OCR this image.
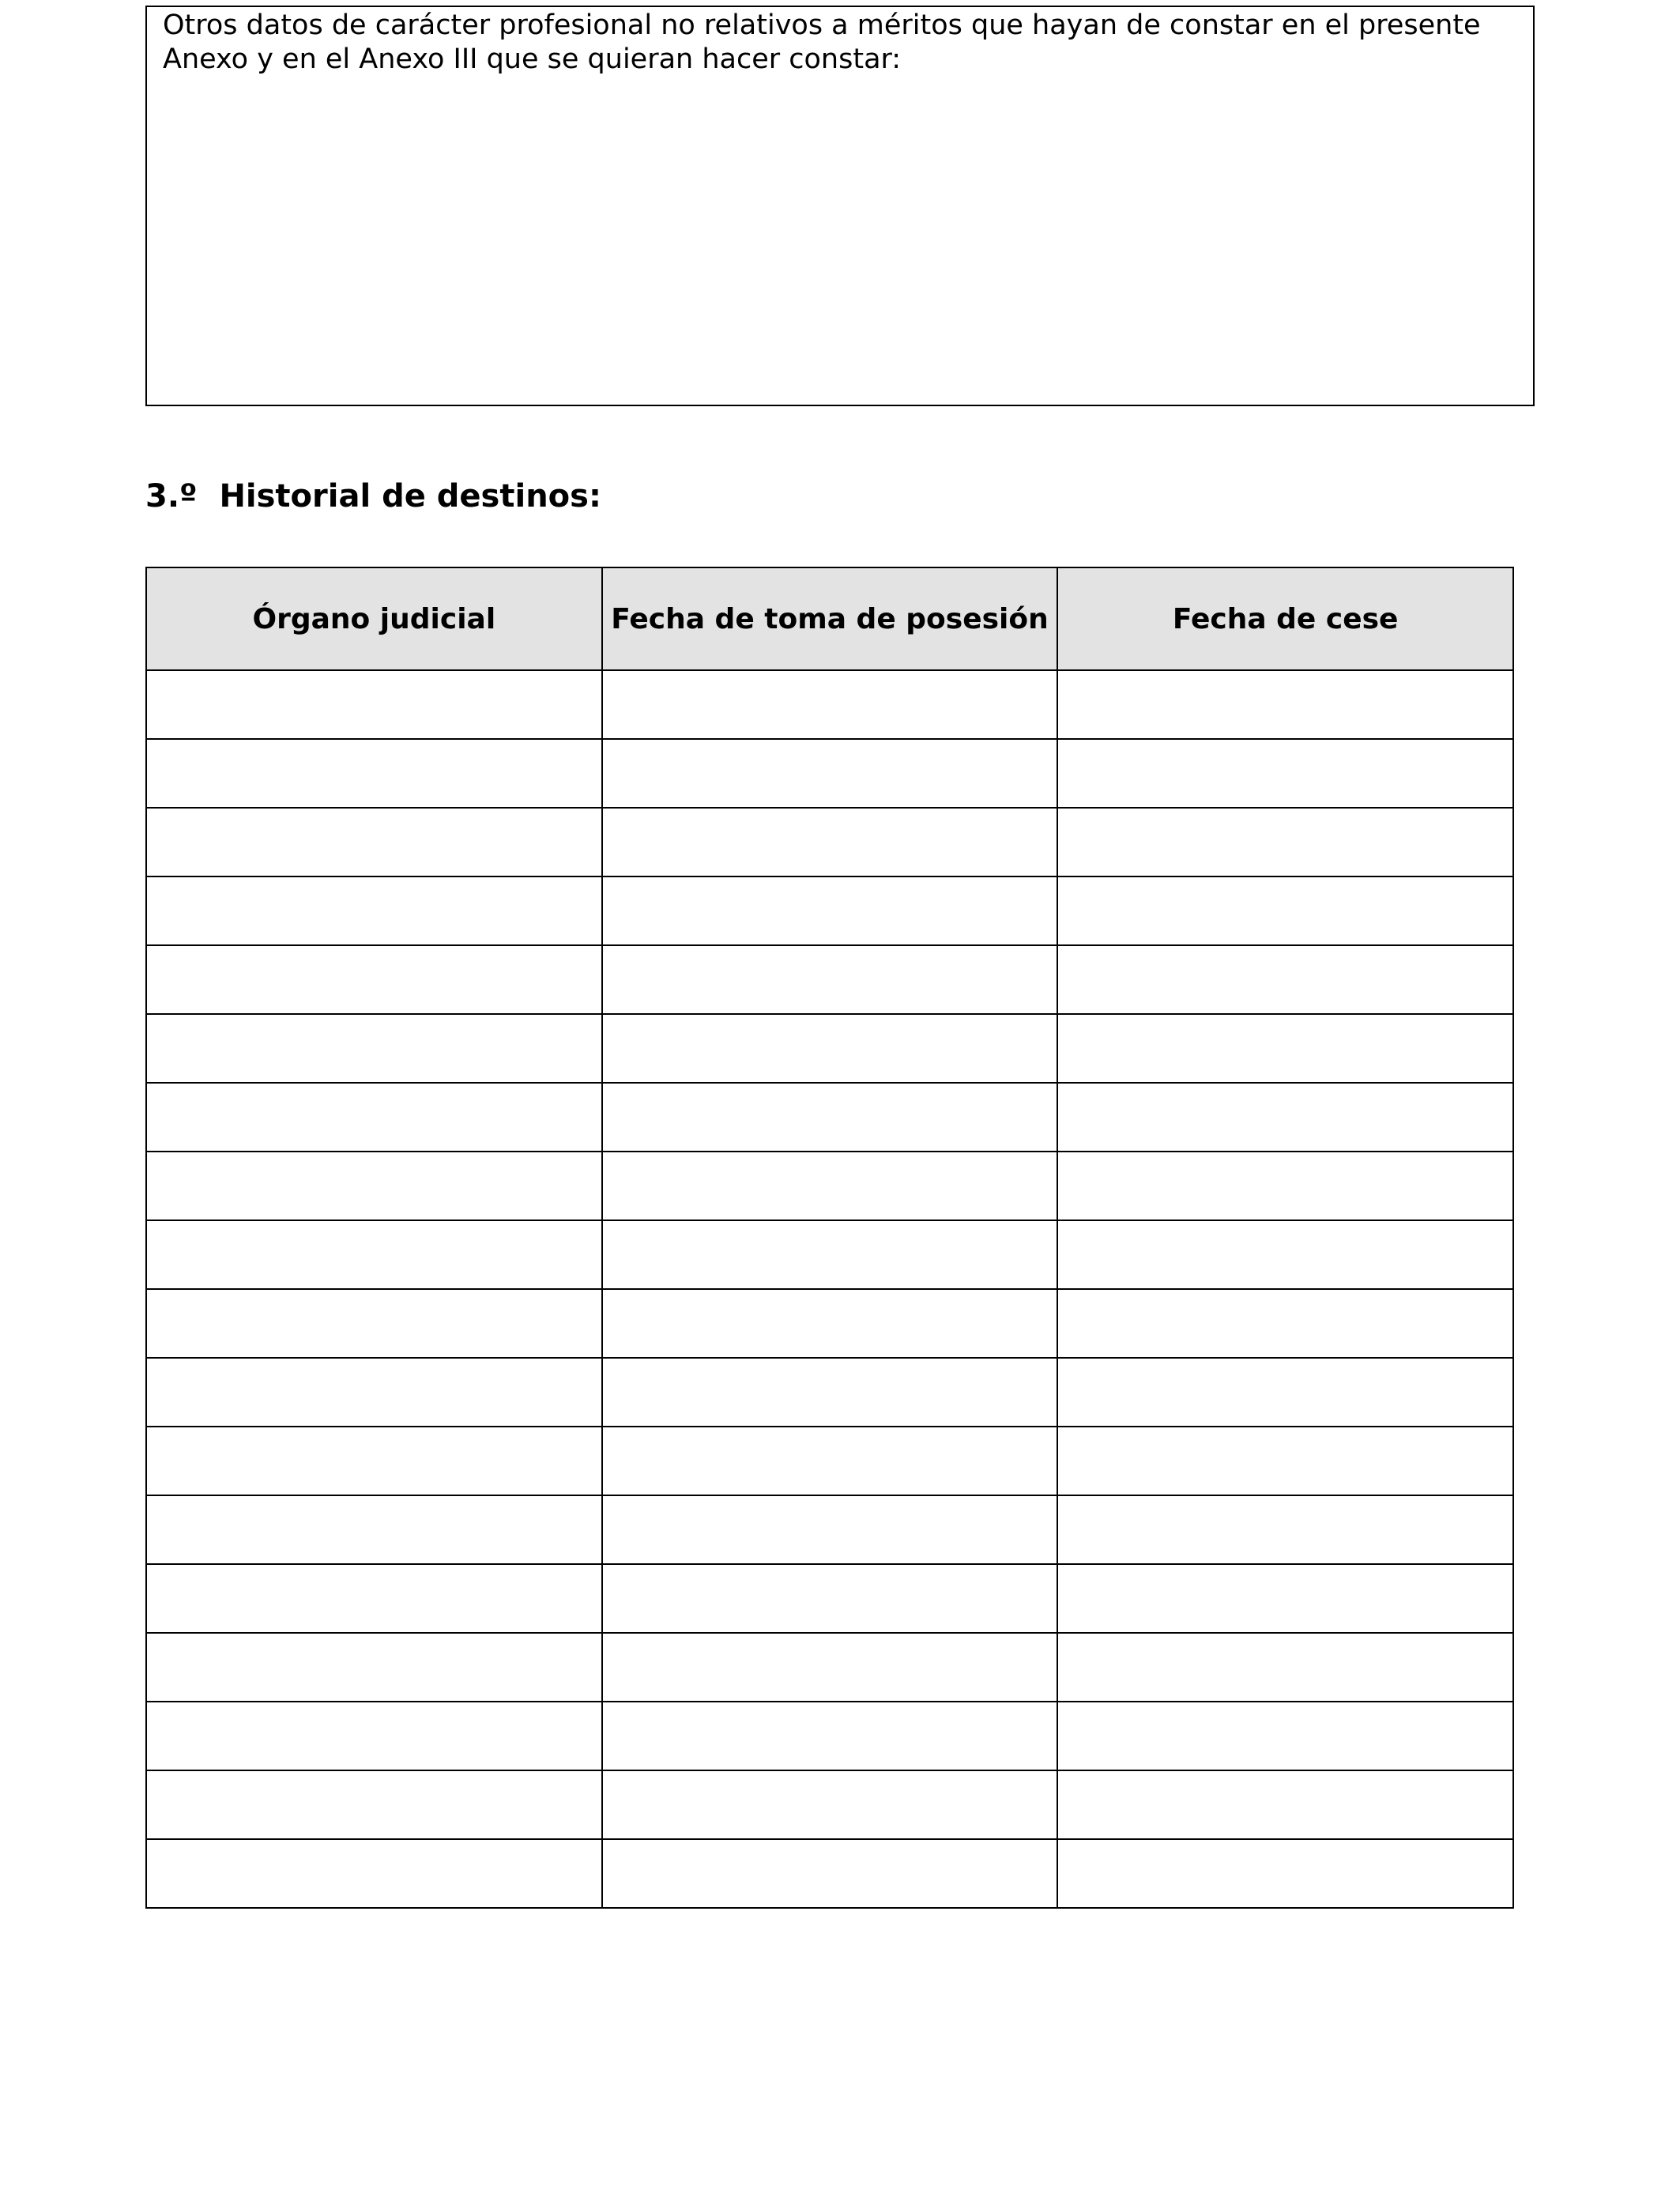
Otros datos de carácter profesional no relativos a méritos que hayan de constar en el presente Anexo y en el Anexo III que se quieran hacer constar:

3.º  Historial de destinos:
Órgano judicial	Fecha de toma de posesión	Fecha de cese
